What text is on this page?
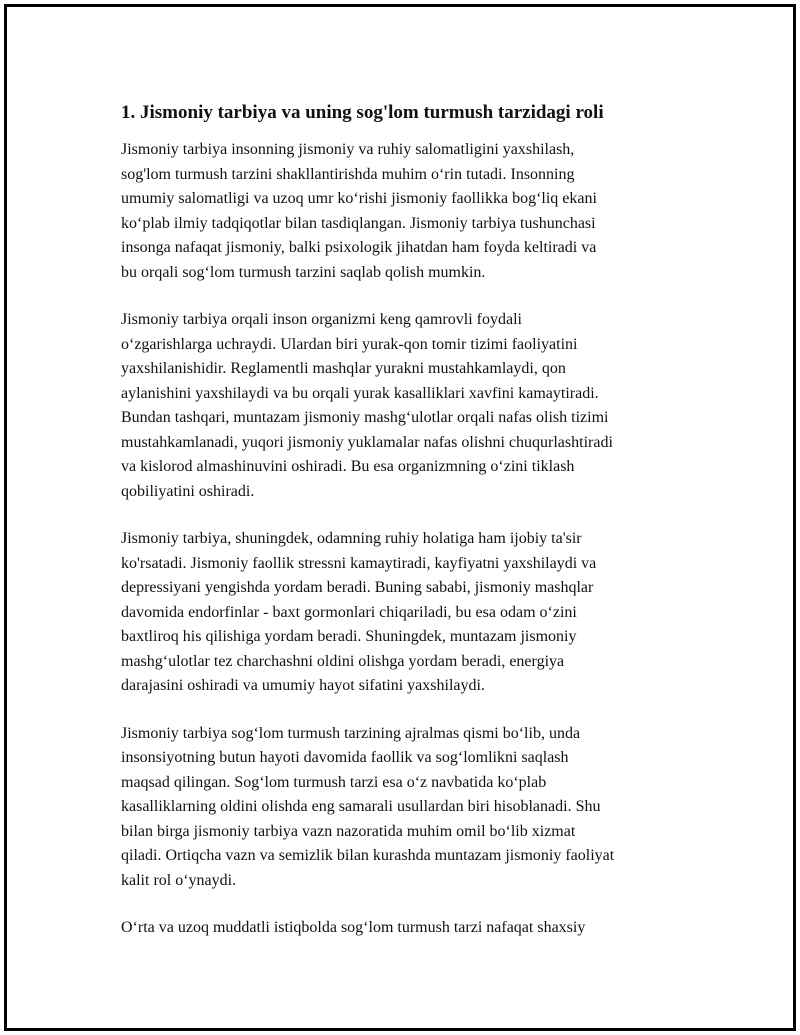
1. Jismoniy tarbiya va uning sog'lom turmush tarzidagi roli

Jismoniy tarbiya insonning jismoniy va ruhiy salomatligini yaxshilash,
sog'lom turmush tarzini shakllantirishda muhim o‘rin tutadi. Insonning
umumiy salomatligi va uzoq umr ko‘rishi jismoniy faollikka bog‘liq ekani
ko‘plab ilmiy tadqiqotlar bilan tasdiqlangan. Jismoniy tarbiya tushunchasi
insonga nafaqat jismoniy, balki psixologik jihatdan ham foyda keltiradi va
bu orqali sog‘lom turmush tarzini saqlab qolish mumkin.

Jismoniy tarbiya orqali inson organizmi keng qamrovli foydali
o‘zgarishlarga uchraydi. Ulardan biri yurak-qon tomir tizimi faoliyatini
yaxshilanishidir. Reglamentli mashqlar yurakni mustahkamlaydi, qon
aylanishini yaxshilaydi va bu orqali yurak kasalliklari xavfini kamaytiradi.
Bundan tashqari, muntazam jismoniy mashg‘ulotlar orqali nafas olish tizimi
mustahkamlanadi, yuqori jismoniy yuklamalar nafas olishni chuqurlashtiradi
va kislorod almashinuvini oshiradi. Bu esa organizmning o‘zini tiklash
qobiliyatini oshiradi.

Jismoniy tarbiya, shuningdek, odamning ruhiy holatiga ham ijobiy ta'sir
ko'rsatadi. Jismoniy faollik stressni kamaytiradi, kayfiyatni yaxshilaydi va
depressiyani yengishda yordam beradi. Buning sababi, jismoniy mashqlar
davomida endorfinlar - baxt gormonlari chiqariladi, bu esa odam o‘zini
baxtliroq his qilishiga yordam beradi. Shuningdek, muntazam jismoniy
mashg‘ulotlar tez charchashni oldini olishga yordam beradi, energiya
darajasini oshiradi va umumiy hayot sifatini yaxshilaydi.

Jismoniy tarbiya sog‘lom turmush tarzining ajralmas qismi bo‘lib, unda
insonsiyotning butun hayoti davomida faollik va sog‘lomlikni saqlash
maqsad qilingan. Sog‘lom turmush tarzi esa o‘z navbatida ko‘plab
kasalliklarning oldini olishda eng samarali usullardan biri hisoblanadi. Shu
bilan birga jismoniy tarbiya vazn nazoratida muhim omil bo‘lib xizmat
qiladi. Ortiqcha vazn va semizlik bilan kurashda muntazam jismoniy faoliyat
kalit rol o‘ynaydi.

O‘rta va uzoq muddatli istiqbolda sog‘lom turmush tarzi nafaqat shaxsiy
